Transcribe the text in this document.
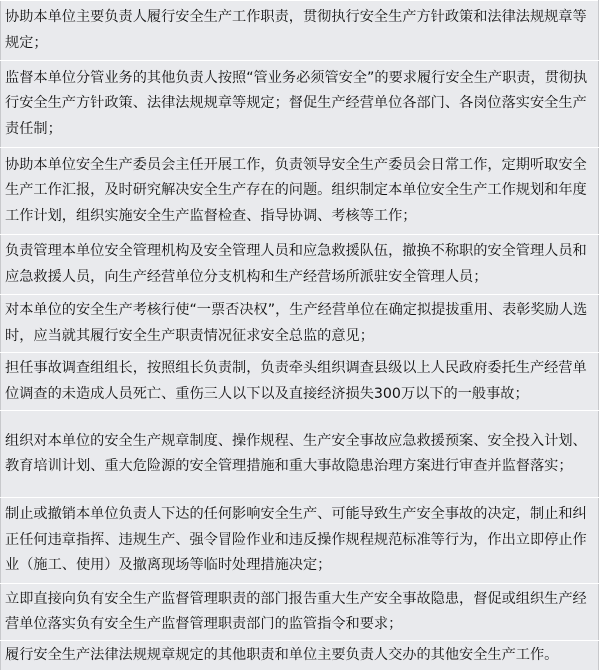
协助本单位主要负责人履行安全生产工作职责，贯彻执行安全生产方针政策和法律法规规章等规定；
监督本单位分管业务的其他负责人按照“管业务必须管安全”的要求履行安全生产职责，贯彻执行安全生产方针政策、法律法规规章等规定；督促生产经营单位各部门、各岗位落实安全生产责任制；
协助本单位安全生产委员会主任开展工作，负责领导安全生产委员会日常工作，定期听取安全生产工作汇报，及时研究解决安全生产存在的问题。组织制定本单位安全生产工作规划和年度工作计划，组织实施安全生产监督检查、指导协调、考核等工作；
负责管理本单位安全管理机构及安全管理人员和应急救援队伍，撤换不称职的安全管理人员和应急救援人员，向生产经营单位分支机构和生产经营场所派驻安全管理人员；
对本单位的安全生产考核行使“一票否决权”，生产经营单位在确定拟提拔重用、表彰奖励人选时，应当就其履行安全生产职责情况征求安全总监的意见；
担任事故调查组组长，按照组长负责制，负责牵头组织调查县级以上人民政府委托生产经营单位调查的未造成人员死亡、重伤三人以下以及直接经济损失300万以下的一般事故；
组织对本单位的安全生产规章制度、操作规程、生产安全事故应急救援预案、安全投入计划、教育培训计划、重大危险源的安全管理措施和重大事故隐患治理方案进行审查并监督落实；
制止或撤销本单位负责人下达的任何影响安全生产、可能导致生产安全事故的决定，制止和纠正任何违章指挥、违规生产、强令冒险作业和违反操作规程规范标准等行为，作出立即停止作业（施工、使用）及撤离现场等临时处理措施决定；
立即直接向负有安全生产监督管理职责的部门报告重大生产安全事故隐患，督促或组织生产经营单位落实负有安全生产监督管理职责部门的监管指令和要求；
履行安全生产法律法规规章规定的其他职责和单位主要负责人交办的其他安全生产工作。
